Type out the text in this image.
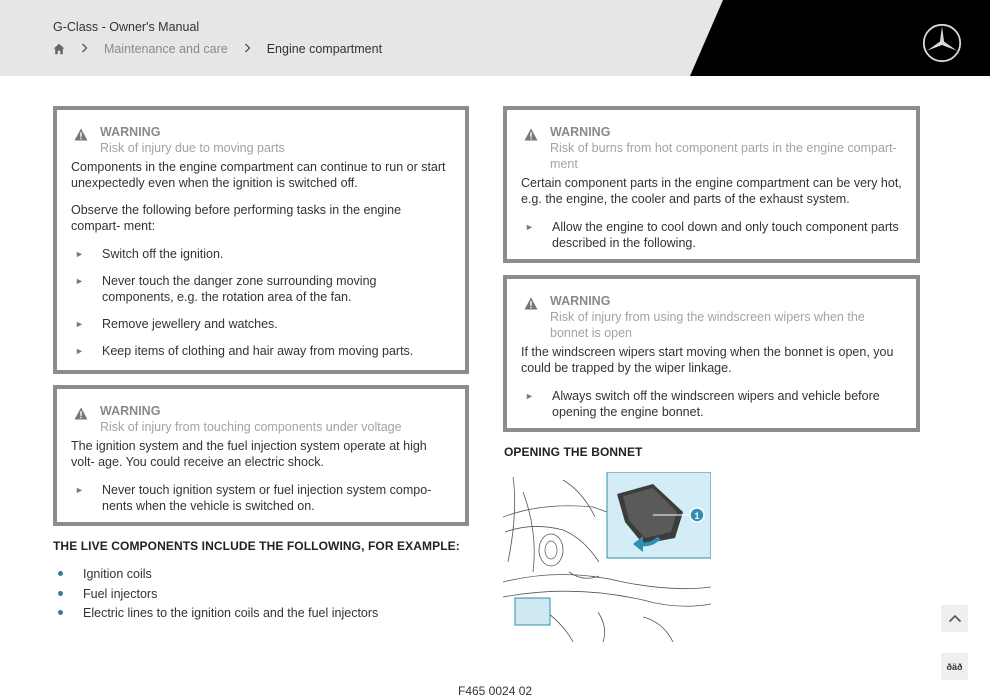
G-Class - Owner's Manual
Maintenance and care	Engine compartment
WARNING
Risk of injury due to moving parts
Components in the engine compartment can continue to run or start unexpectedly even when the ignition is switched off.
Observe the following before performing tasks in the engine compart‑ ment:
► Switch off the ignition.
► Never touch the danger zone surrounding moving components, e.g. the rotation area of the fan.
► Remove jewellery and watches.
► Keep items of clothing and hair away from moving parts.
WARNING
Risk of injury from touching components under voltage
The ignition system and the fuel injection system operate at high volt‑ age. You could receive an electric shock.
► Never touch ignition system or fuel injection system compo‑ nents when the vehicle is switched on.
WARNING
Risk of burns from hot component parts in the engine compart‑ ment
Certain component parts in the engine compartment can be very hot, e.g. the engine, the cooler and parts of the exhaust system.
► Allow the engine to cool down and only touch component parts described in the following.
WARNING
Risk of injury from using the windscreen wipers when the bonnet is open
If the windscreen wipers start moving when the bonnet is open, you could be trapped by the wiper linkage.
► Always switch off the windscreen wipers and vehicle before opening the engine bonnet.
THE LIVE COMPONENTS INCLUDE THE FOLLOWING, FOR EXAMPLE:
Ignition coils
Fuel injectors
Electric lines to the ignition coils and the fuel injectors
OPENING THE BONNET
1
F465 0024 02
ðäð
